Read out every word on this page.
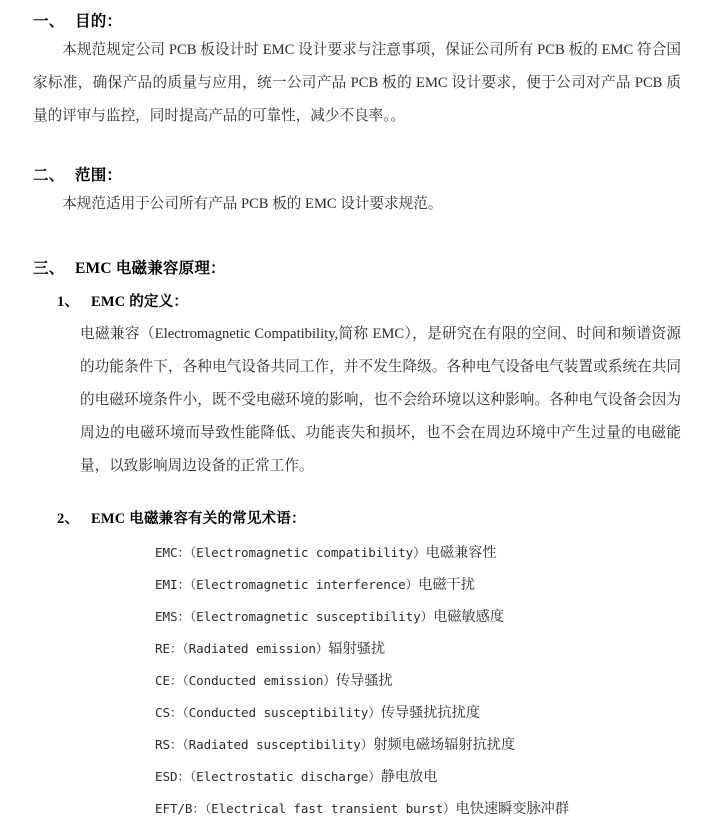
一、 目的：
本规范规定公司 PCB 板设计时 EMC 设计要求与注意事项，保证公司所有 PCB 板的 EMC 符合国家标准，确保产品的质量与应用，统一公司产品 PCB 板的 EMC 设计要求，便于公司对产品 PCB 质量的评审与监控，同时提高产品的可靠性，减少不良率。。
二、 范围：
本规范适用于公司所有产品 PCB 板的 EMC 设计要求规范。
三、 EMC 电磁兼容原理：
1、 EMC 的定义：
电磁兼容（Electromagnetic Compatibility,简称 EMC），是研究在有限的空间、时间和频谱资源的功能条件下，各种电气设备共同工作，并不发生降级。各种电气设备电气装置或系统在共同的电磁环境条件小，既不受电磁环境的影响，也不会给环境以这种影响。各种电气设备会因为周边的电磁环境而导致性能降低、功能丧失和损坏，也不会在周边环境中产生过量的电磁能量，以致影响周边设备的正常工作。
2、 EMC 电磁兼容有关的常见术语：
EMC：（Electromagnetic compatibility）电磁兼容性
EMI：（Electromagnetic interference）电磁干扰
EMS：（Electromagnetic susceptibility）电磁敏感度
RE：（Radiated emission）辐射骚扰
CE：（Conducted emission）传导骚扰
CS：（Conducted susceptibility）传导骚扰抗扰度
RS：（Radiated susceptibility）射频电磁场辐射抗扰度
ESD：（Electrostatic discharge）静电放电
EFT/B：（Electrical fast transient burst）电快速瞬变脉冲群
